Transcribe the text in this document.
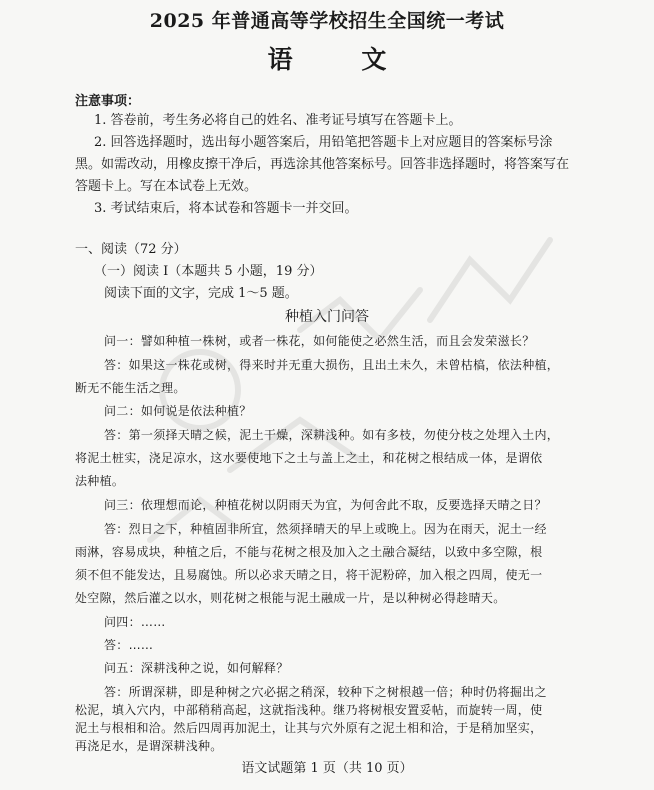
2025 年普通高等学校招生全国统一考试
语 文
注意事项：
1. 答卷前，考生务必将自己的姓名、准考证号填写在答题卡上。
2. 回答选择题时，选出每小题答案后，用铅笔把答题卡上对应题目的答案标号涂
黑。如需改动，用橡皮擦干净后，再选涂其他答案标号。回答非选择题时，将答案写在
答题卡上。写在本试卷上无效。
3. 考试结束后，将本试卷和答题卡一并交回。
一、阅读（72 分）
（一）阅读 I（本题共 5 小题，19 分）
阅读下面的文字，完成 1～5 题。
种植入门问答
问一：譬如种植一株树，或者一株花，如何能使之必然生活，而且会发荣滋长？
答：如果这一株花或树，得来时并无重大损伤，且出土未久，未曾枯槁，依法种植，
断无不能生活之理。
问二：如何说是依法种植？
答：第一须择天晴之候，泥土干燥，深耕浅种。如有多枝，勿使分枝之处埋入土内，
将泥土桩实，浇足凉水，这水要使地下之土与盖上之土，和花树之根结成一体，是谓依
法种植。
问三：依理想而论，种植花树以阴雨天为宜，为何舍此不取，反要选择天晴之日？
答：烈日之下，种植固非所宜，然须择晴天的早上或晚上。因为在雨天，泥土一经
雨淋，容易成块，种植之后，不能与花树之根及加入之土融合凝结，以致中多空隙，根
须不但不能发达，且易腐蚀。所以必求天晴之日，将干泥粉碎，加入根之四周，使无一
处空隙，然后灌之以水，则花树之根能与泥土融成一片，是以种树必得趁晴天。
问四：……
答：……
问五：深耕浅种之说，如何解释？
答：所谓深耕，即是种树之穴必据之稍深，较种下之树根越一倍；种时仍将掘出之
松泥，填入穴内，中部稍稍高起，这就指浅种。继乃将树根安置妥帖，而旋转一周，使
泥土与根相和洽。然后四周再加泥土，让其与穴外原有之泥土相和洽，于是稍加坚实，
再浇足水，是谓深耕浅种。
语文试题第 1 页（共 10 页）
